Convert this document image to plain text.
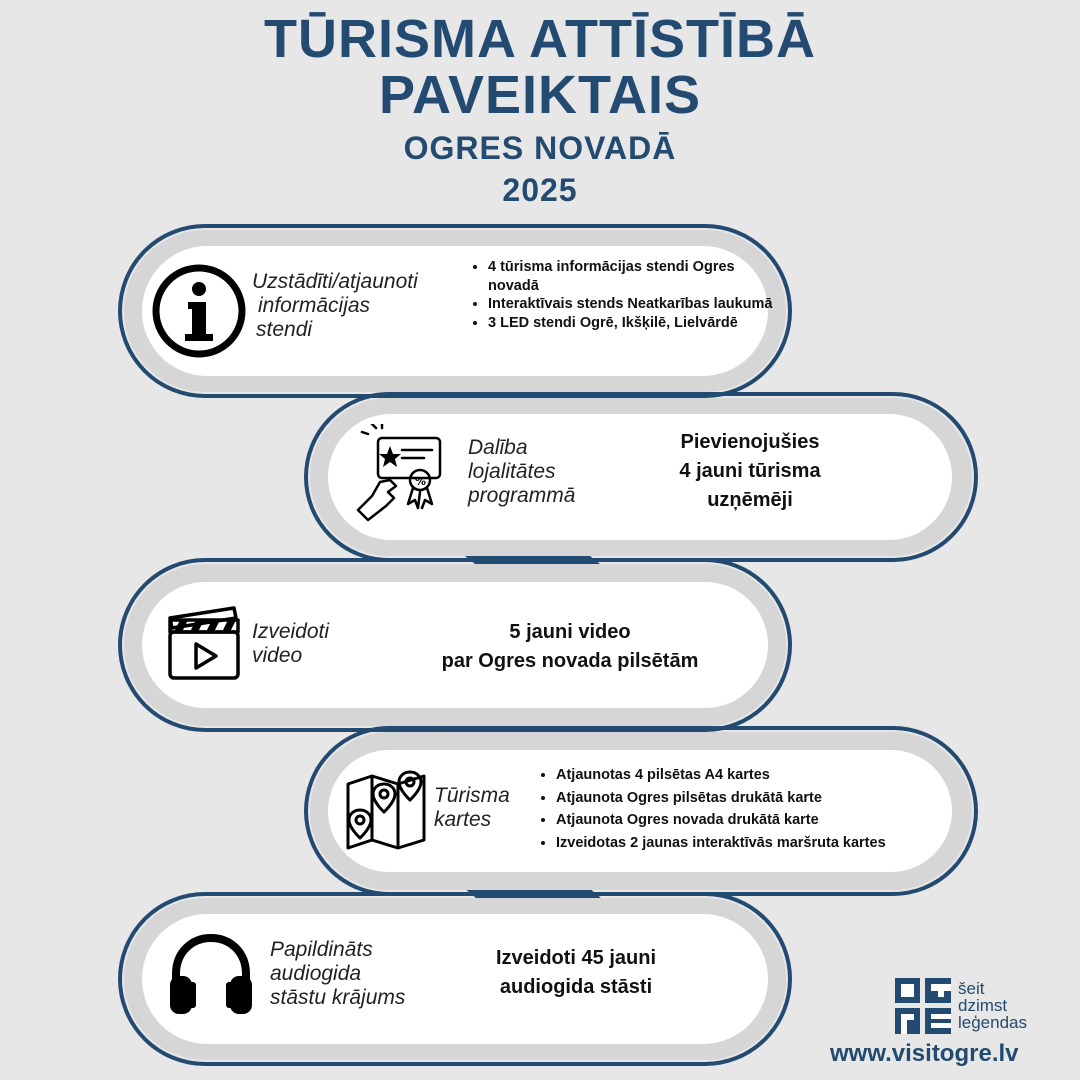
TŪRISMA ATTĪSTĪBĀ
PAVEIKTAIS
OGRES NOVADĀ
2025
Uzstādīti/atjaunoti
informācijas
stendi
• 4 tūrisma informācijas stendi Ogres novadā
• Interaktīvais stends Neatkarības laukumā
• 3 LED stendi Ogrē, Ikšķilē, Lielvārdē
%
Dalība
lojalitātes
programmā
Pievienojušies
4 jauni tūrisma
uzņēmēji
Izveidoti
video
5 jauni video
par Ogres novada pilsētām
Tūrisma
kartes
• Atjaunotas 4 pilsētas A4 kartes
• Atjaunota Ogres pilsētas drukātā karte
• Atjaunota Ogres novada drukātā karte
• Izveidotas 2 jaunas interaktīvās maršruta kartes
Papildināts
audiogida
stāstu krājums
Izveidoti 45 jauni
audiogida stāsti	šeit
dzimst
leģendas
www.visitogre.lv
